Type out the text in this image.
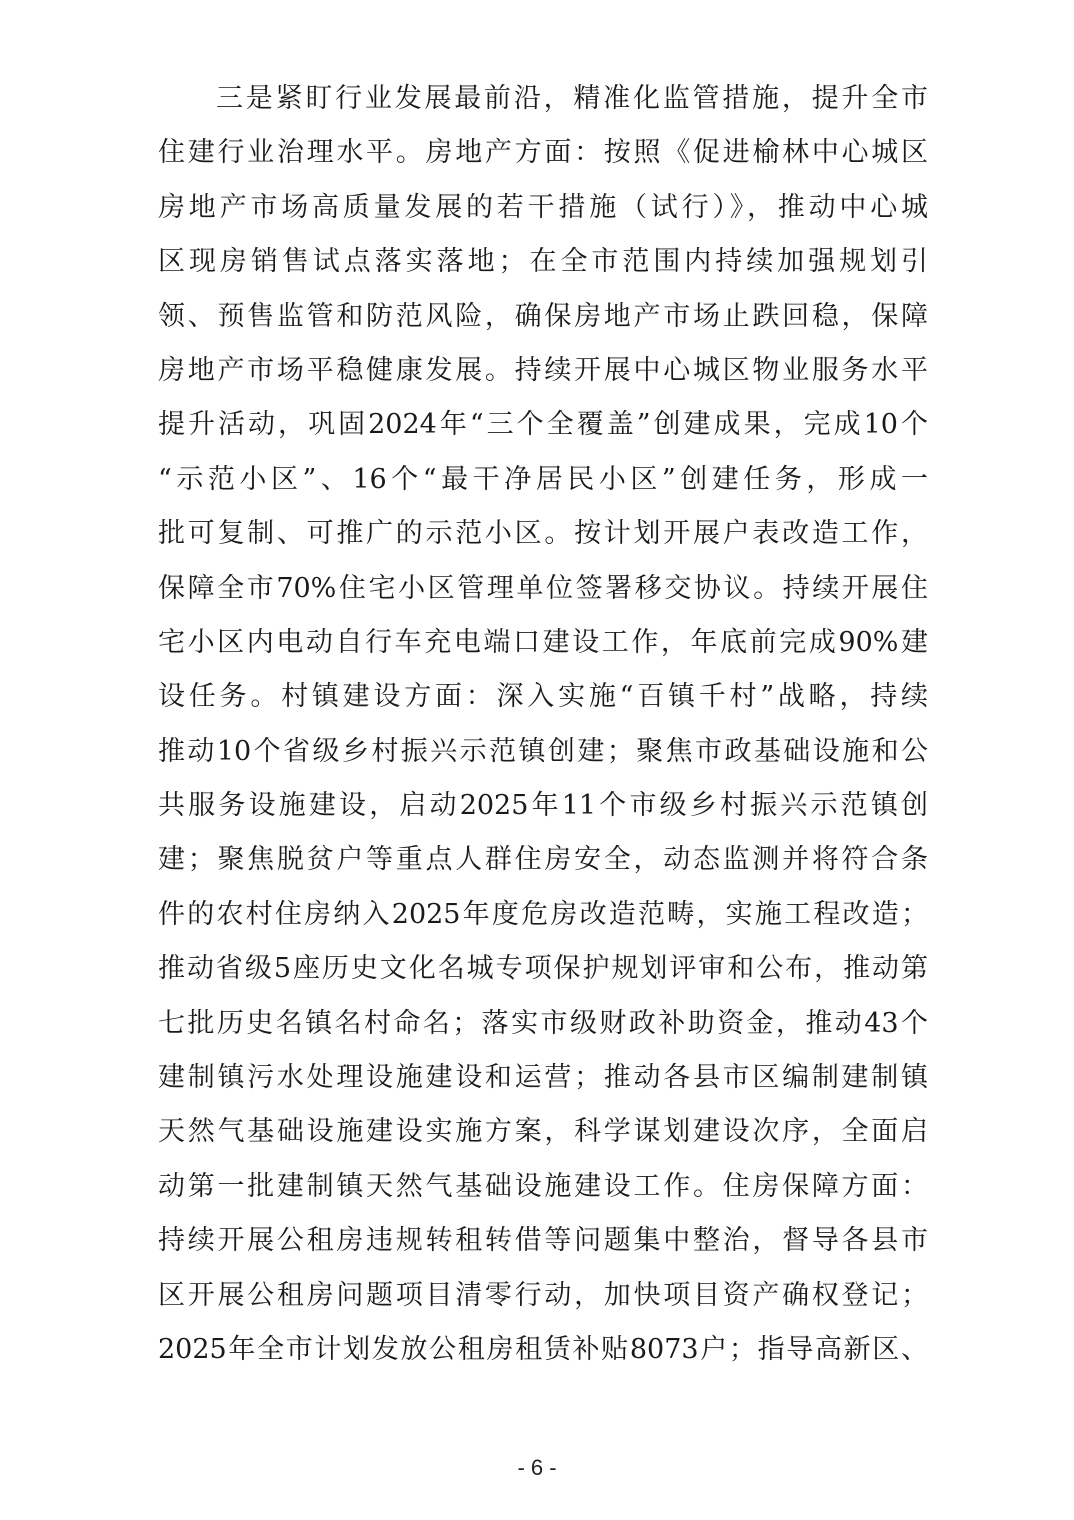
三是紧盯行业发展最前沿，精准化监管措施，提升全市
住建行业治理水平。房地产方面：按照《促进榆林中心城区
房地产市场高质量发展的若干措施（试行）》，推动中心城
区现房销售试点落实落地；在全市范围内持续加强规划引
领、预售监管和防范风险，确保房地产市场止跌回稳，保障
房地产市场平稳健康发展。持续开展中心城区物业服务水平
提升活动，巩固2024年“三个全覆盖”创建成果，完成10个
“示范小区”、16个“最干净居民小区”创建任务，形成一
批可复制、可推广的示范小区。按计划开展户表改造工作，
保障全市70%住宅小区管理单位签署移交协议。持续开展住
宅小区内电动自行车充电端口建设工作，年底前完成90%建
设任务。村镇建设方面：深入实施“百镇千村”战略，持续
推动10个省级乡村振兴示范镇创建；聚焦市政基础设施和公
共服务设施建设，启动2025年11个市级乡村振兴示范镇创
建；聚焦脱贫户等重点人群住房安全，动态监测并将符合条
件的农村住房纳入2025年度危房改造范畴，实施工程改造；
推动省级5座历史文化名城专项保护规划评审和公布，推动第
七批历史名镇名村命名；落实市级财政补助资金，推动43个
建制镇污水处理设施建设和运营；推动各县市区编制建制镇
天然气基础设施建设实施方案，科学谋划建设次序，全面启
动第一批建制镇天然气基础设施建设工作。住房保障方面：
持续开展公租房违规转租转借等问题集中整治，督导各县市
区开展公租房问题项目清零行动，加快项目资产确权登记；
2025年全市计划发放公租房租赁补贴8073户；指导高新区、
- 6 -
